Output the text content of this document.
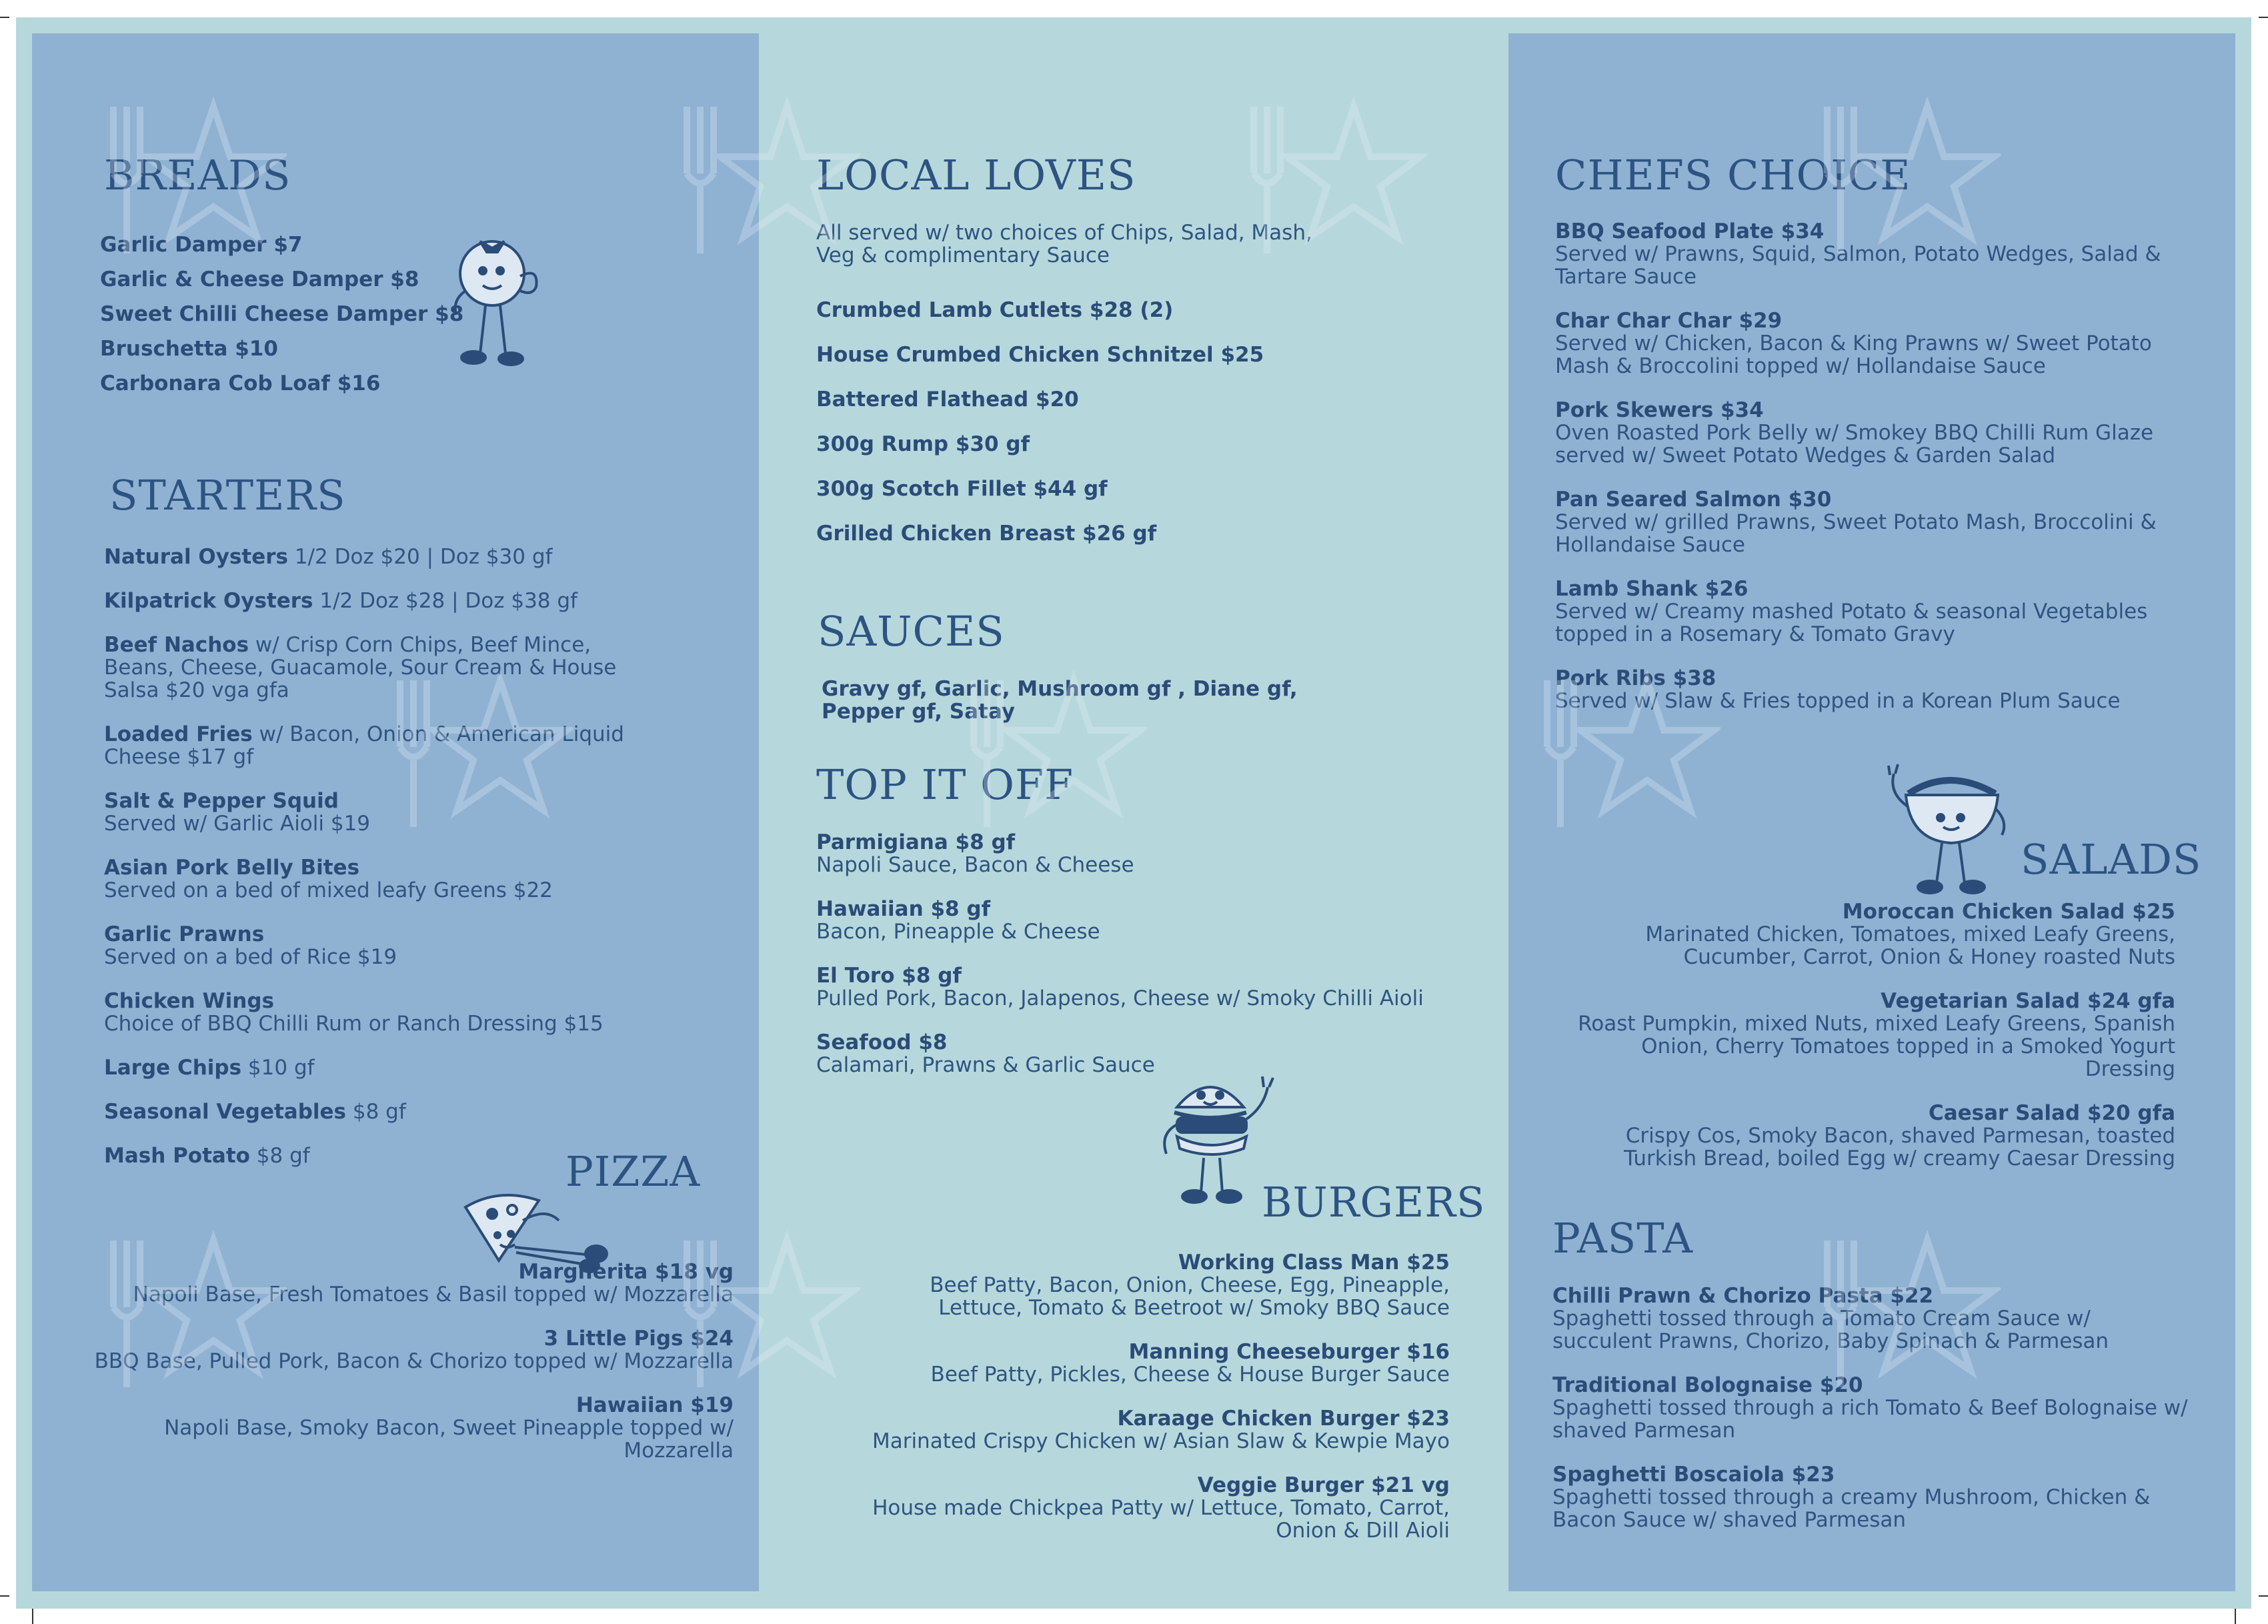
BREADS
Garlic Damper $7
Garlic & Cheese Damper $8
Sweet Chilli Cheese Damper $8
Bruschetta $10
Carbonara Cob Loaf $16
STARTERS
Natural Oysters 1/2 Doz $20 | Doz $30 gf
Kilpatrick Oysters 1/2 Doz $28 | Doz $38 gf
Beef Nachos w/ Crisp Corn Chips, Beef Mince, Beans, Cheese, Guacamole, Sour Cream & House Salsa $20 vga gfa
Loaded Fries w/ Bacon, Onion & American Liquid Cheese $17 gf
Salt & Pepper Squid
Served w/ Garlic Aioli $19
Asian Pork Belly Bites
Served on a bed of mixed leafy Greens $22
Garlic Prawns
Served on a bed of Rice $19
Chicken Wings
Choice of BBQ Chilli Rum or Ranch Dressing $15
Large Chips $10 gf
Seasonal Vegetables $8 gf
Mash Potato $8 gf	PIZZA
Margherita $18 vg
Napoli Base, Fresh Tomatoes & Basil topped w/ Mozzarella
3 Little Pigs $24
BBQ Base, Pulled Pork, Bacon & Chorizo topped w/ Mozzarella
Hawaiian $19
Napoli Base, Smoky Bacon, Sweet Pineapple topped w/ Mozzarella
LOCAL LOVES
All served w/ two choices of Chips, Salad, Mash, Veg & complimentary Sauce
Crumbed Lamb Cutlets $28 (2)
House Crumbed Chicken Schnitzel $25
Battered Flathead $20
300g Rump $30 gf
300g Scotch Fillet $44 gf
Grilled Chicken Breast $26 gf
SAUCES
Gravy gf, Garlic, Mushroom gf , Diane gf, Pepper gf, Satay
TOP IT OFF
Parmigiana $8 gf
Napoli Sauce, Bacon & Cheese
Hawaiian $8 gf
Bacon, Pineapple & Cheese
El Toro $8 gf
Pulled Pork, Bacon, Jalapenos, Cheese w/ Smoky Chilli Aioli
Seafood $8
Calamari, Prawns & Garlic Sauce
BURGERS
Working Class Man $25
Beef Patty, Bacon, Onion, Cheese, Egg, Pineapple, Lettuce, Tomato & Beetroot w/ Smoky BBQ Sauce
Manning Cheeseburger $16
Beef Patty, Pickles, Cheese & House Burger Sauce
Karaage Chicken Burger $23
Marinated Crispy Chicken w/ Asian Slaw & Kewpie Mayo
Veggie Burger $21 vg
House made Chickpea Patty w/ Lettuce, Tomato, Carrot, Onion & Dill Aioli
CHEFS CHOICE
BBQ Seafood Plate $34
Served w/ Prawns, Squid, Salmon, Potato Wedges, Salad & Tartare Sauce
Char Char Char $29
Served w/ Chicken, Bacon & King Prawns w/ Sweet Potato Mash & Broccolini topped w/ Hollandaise Sauce
Pork Skewers $34
Oven Roasted Pork Belly w/ Smokey BBQ Chilli Rum Glaze served w/ Sweet Potato Wedges & Garden Salad
Pan Seared Salmon $30
Served w/ grilled Prawns, Sweet Potato Mash, Broccolini & Hollandaise Sauce
Lamb Shank $26
Served w/ Creamy mashed Potato & seasonal Vegetables topped in a Rosemary & Tomato Gravy
Pork Ribs $38
Served w/ Slaw & Fries topped in a Korean Plum Sauce
SALADS
Moroccan Chicken Salad $25
Marinated Chicken, Tomatoes, mixed Leafy Greens, Cucumber, Carrot, Onion & Honey roasted Nuts
Vegetarian Salad $24 gfa
Roast Pumpkin, mixed Nuts, mixed Leafy Greens, Spanish Onion, Cherry Tomatoes topped in a Smoked Yogurt Dressing
Caesar Salad $20 gfa
Crispy Cos, Smoky Bacon, shaved Parmesan, toasted Turkish Bread, boiled Egg w/ creamy Caesar Dressing
PASTA
Chilli Prawn & Chorizo Pasta $22
Spaghetti tossed through a Tomato Cream Sauce w/ succulent Prawns, Chorizo, Baby Spinach & Parmesan
Traditional Bolognaise $20
Spaghetti tossed through a rich Tomato & Beef Bolognaise w/ shaved Parmesan
Spaghetti Boscaiola $23
Spaghetti tossed through a creamy Mushroom, Chicken & Bacon Sauce w/ shaved Parmesan
